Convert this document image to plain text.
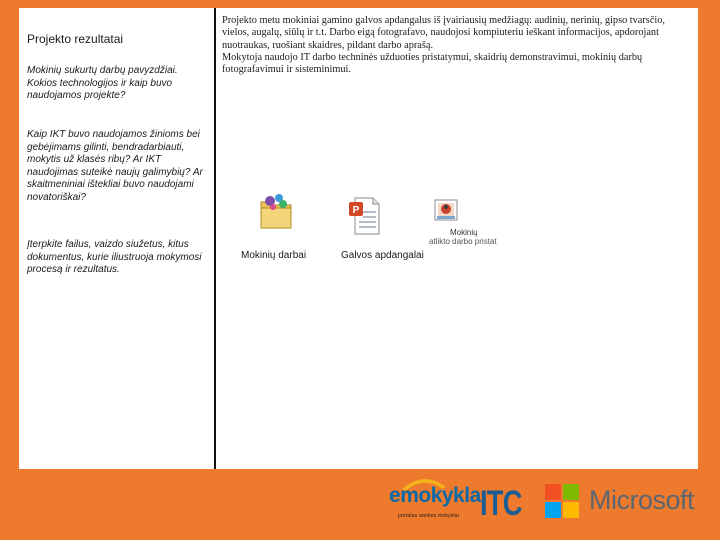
Projekto rezultatai
Mokinių sukurtų darbų pavyzdžiai. Kokios technologijos ir kaip buvo naudojamos projekte?
Kaip IKT buvo naudojamos žinioms bei gebėjimams gilinti, bendradarbiauti, mokytis už klasės ribų? Ar IKT naudojimas suteikė naujų galimybių? Ar skaitmeniniai ištekliai buvo naudojami novatoriškai?
Įterpkite failus, vaizdo siužetus, kitus dokumentus, kurie iliustruoja mokymosi procesą ir rezultatus.

Projekto metu mokiniai gamino galvos apdangalus iš įvairiausių medžiagų: audinių, nerinių, gipso tvarsčio, vielos, augalų, siūlų ir t.t. Darbo eigą fotografavo, naudojosi kompiuteriu ieškant informacijos, apdorojant nuotraukas, ruošiant skaidres, pildant darbo aprašą.

Mokytoja naudojo IT darbo techninės užduoties pristatymui, skaidrių demonstravimui, mokinių darbų fotografavimui ir sisteminimui.

Mokinių darbai
P
Galvos apdangalai
Mokinių
atlikto darbo pristat
emokykla
portalas ateities mokyklai ITC Microsoft
